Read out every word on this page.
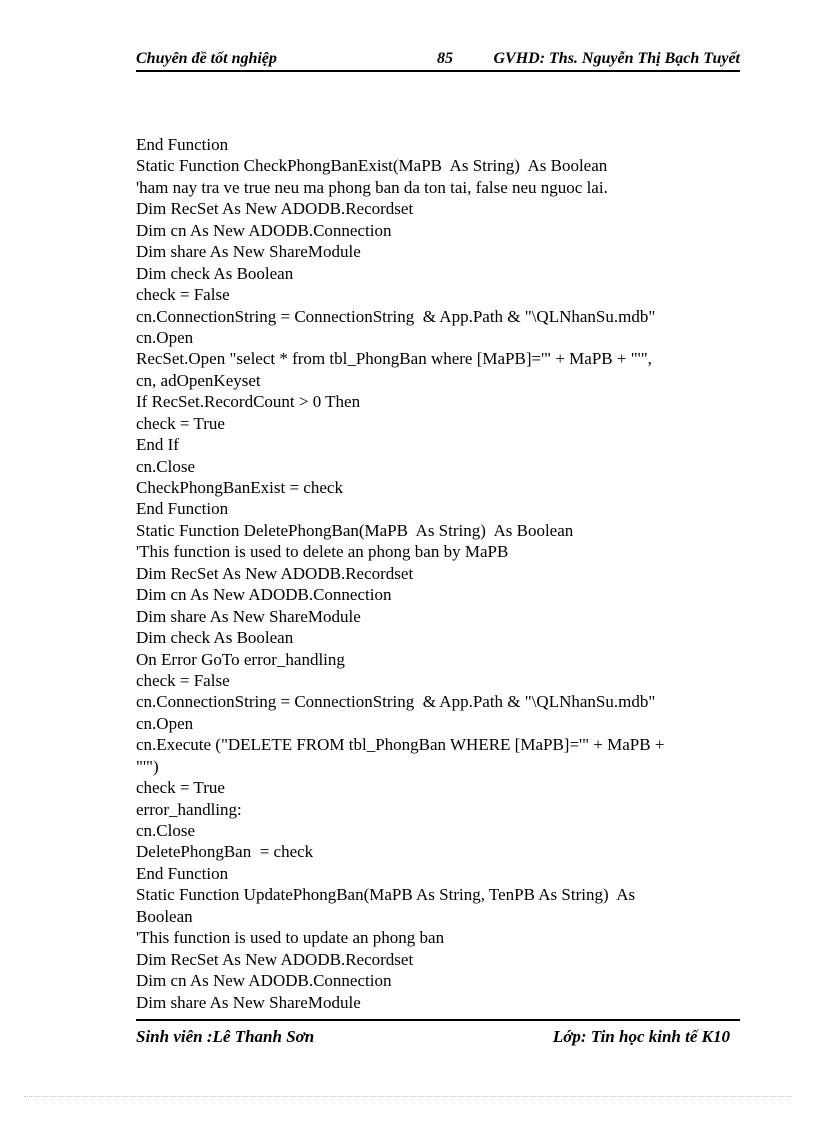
Chuyên đề tốt nghiệp	85	GVHD: Ths. Nguyễn Thị Bạch Tuyết
End Function
Static Function CheckPhongBanExist(MaPB  As String)  As Boolean
'ham nay tra ve true neu ma phong ban da ton tai, false neu nguoc lai.
Dim RecSet As New ADODB.Recordset
Dim cn As New ADODB.Connection
Dim share As New ShareModule
Dim check As Boolean
check = False
cn.ConnectionString = ConnectionString  & App.Path & "\QLNhanSu.mdb"
cn.Open
RecSet.Open "select * from tbl_PhongBan where [MaPB]='" + MaPB + "'",
cn, adOpenKeyset
If RecSet.RecordCount > 0 Then
check = True
End If
cn.Close
CheckPhongBanExist = check
End Function
Static Function DeletePhongBan(MaPB  As String)  As Boolean
'This function is used to delete an phong ban by MaPB
Dim RecSet As New ADODB.Recordset
Dim cn As New ADODB.Connection
Dim share As New ShareModule
Dim check As Boolean
On Error GoTo error_handling
check = False
cn.ConnectionString = ConnectionString  & App.Path & "\QLNhanSu.mdb"
cn.Open
cn.Execute ("DELETE FROM tbl_PhongBan WHERE [MaPB]='" + MaPB +
"'")
check = True
error_handling:
cn.Close
DeletePhongBan  = check
End Function
Static Function UpdatePhongBan(MaPB As String, TenPB As String)  As
Boolean
'This function is used to update an phong ban
Dim RecSet As New ADODB.Recordset
Dim cn As New ADODB.Connection
Dim share As New ShareModule
Sinh viên :Lê Thanh Sơn	Lớp: Tin học kinh tế K10
